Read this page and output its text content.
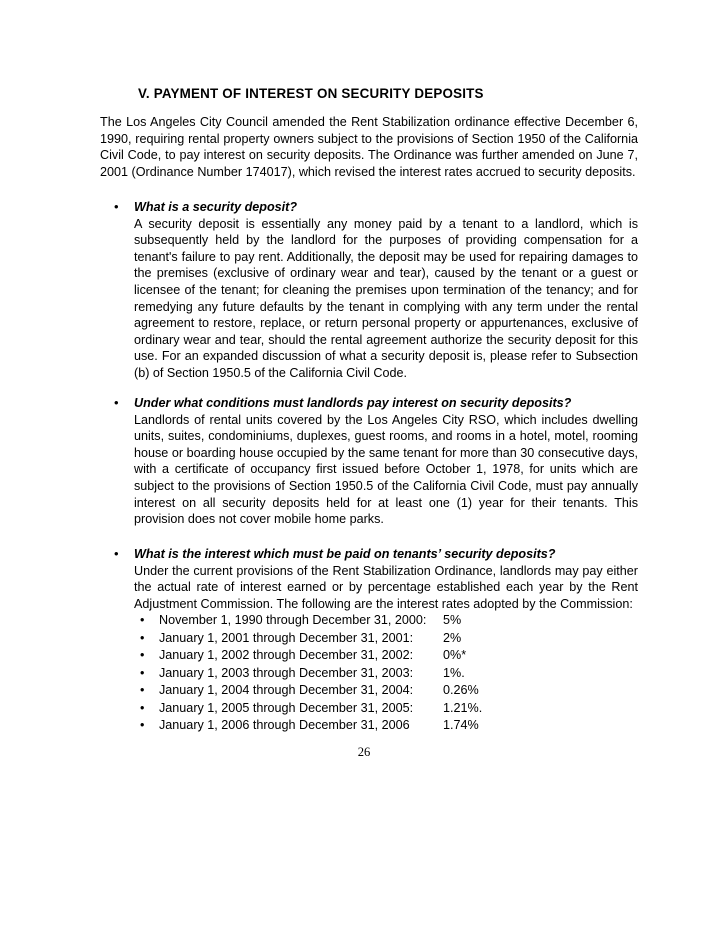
V. PAYMENT OF INTEREST ON SECURITY DEPOSITS
The Los Angeles City Council amended the Rent Stabilization ordinance effective December 6, 1990, requiring rental property owners subject to the provisions of Section 1950 of the California Civil Code, to pay interest on security deposits. The Ordinance was further amended on June 7, 2001 (Ordinance Number 174017), which revised the interest rates accrued to security deposits.
• What is a security deposit?
A security deposit is essentially any money paid by a tenant to a landlord, which is subsequently held by the landlord for the purposes of providing compensation for a tenant's failure to pay rent. Additionally, the deposit may be used for repairing damages to the premises (exclusive of ordinary wear and tear), caused by the tenant or a guest or licensee of the tenant; for cleaning the premises upon termination of the tenancy; and for remedying any future defaults by the tenant in complying with any term under the rental agreement to restore, replace, or return personal property or appurtenances, exclusive of ordinary wear and tear, should the rental agreement authorize the security deposit for this use. For an expanded discussion of what a security deposit is, please refer to Subsection (b) of Section 1950.5 of the California Civil Code.
• Under what conditions must landlords pay interest on security deposits?
Landlords of rental units covered by the Los Angeles City RSO, which includes dwelling units, suites, condominiums, duplexes, guest rooms, and rooms in a hotel, motel, rooming house or boarding house occupied by the same tenant for more than 30 consecutive days, with a certificate of occupancy first issued before October 1, 1978, for units which are subject to the provisions of Section 1950.5 of the California Civil Code, must pay annually interest on all security deposits held for at least one (1) year for their tenants. This provision does not cover mobile home parks.
• What is the interest which must be paid on tenants’ security deposits?
Under the current provisions of the Rent Stabilization Ordinance, landlords may pay either the actual rate of interest earned or by percentage established each year by the Rent Adjustment Commission. The following are the interest rates adopted by the Commission:
• November 1, 1990 through December 31, 2000: 5%
• January 1, 2001 through December 31, 2001: 2%
• January 1, 2002 through December 31, 2002: 0%*
• January 1, 2003 through December 31, 2003: 1%.
• January 1, 2004 through December 31, 2004: 0.26%
• January 1, 2005 through December 31, 2005: 1.21%.
• January 1, 2006 through December 31, 2006	1.74%
26
